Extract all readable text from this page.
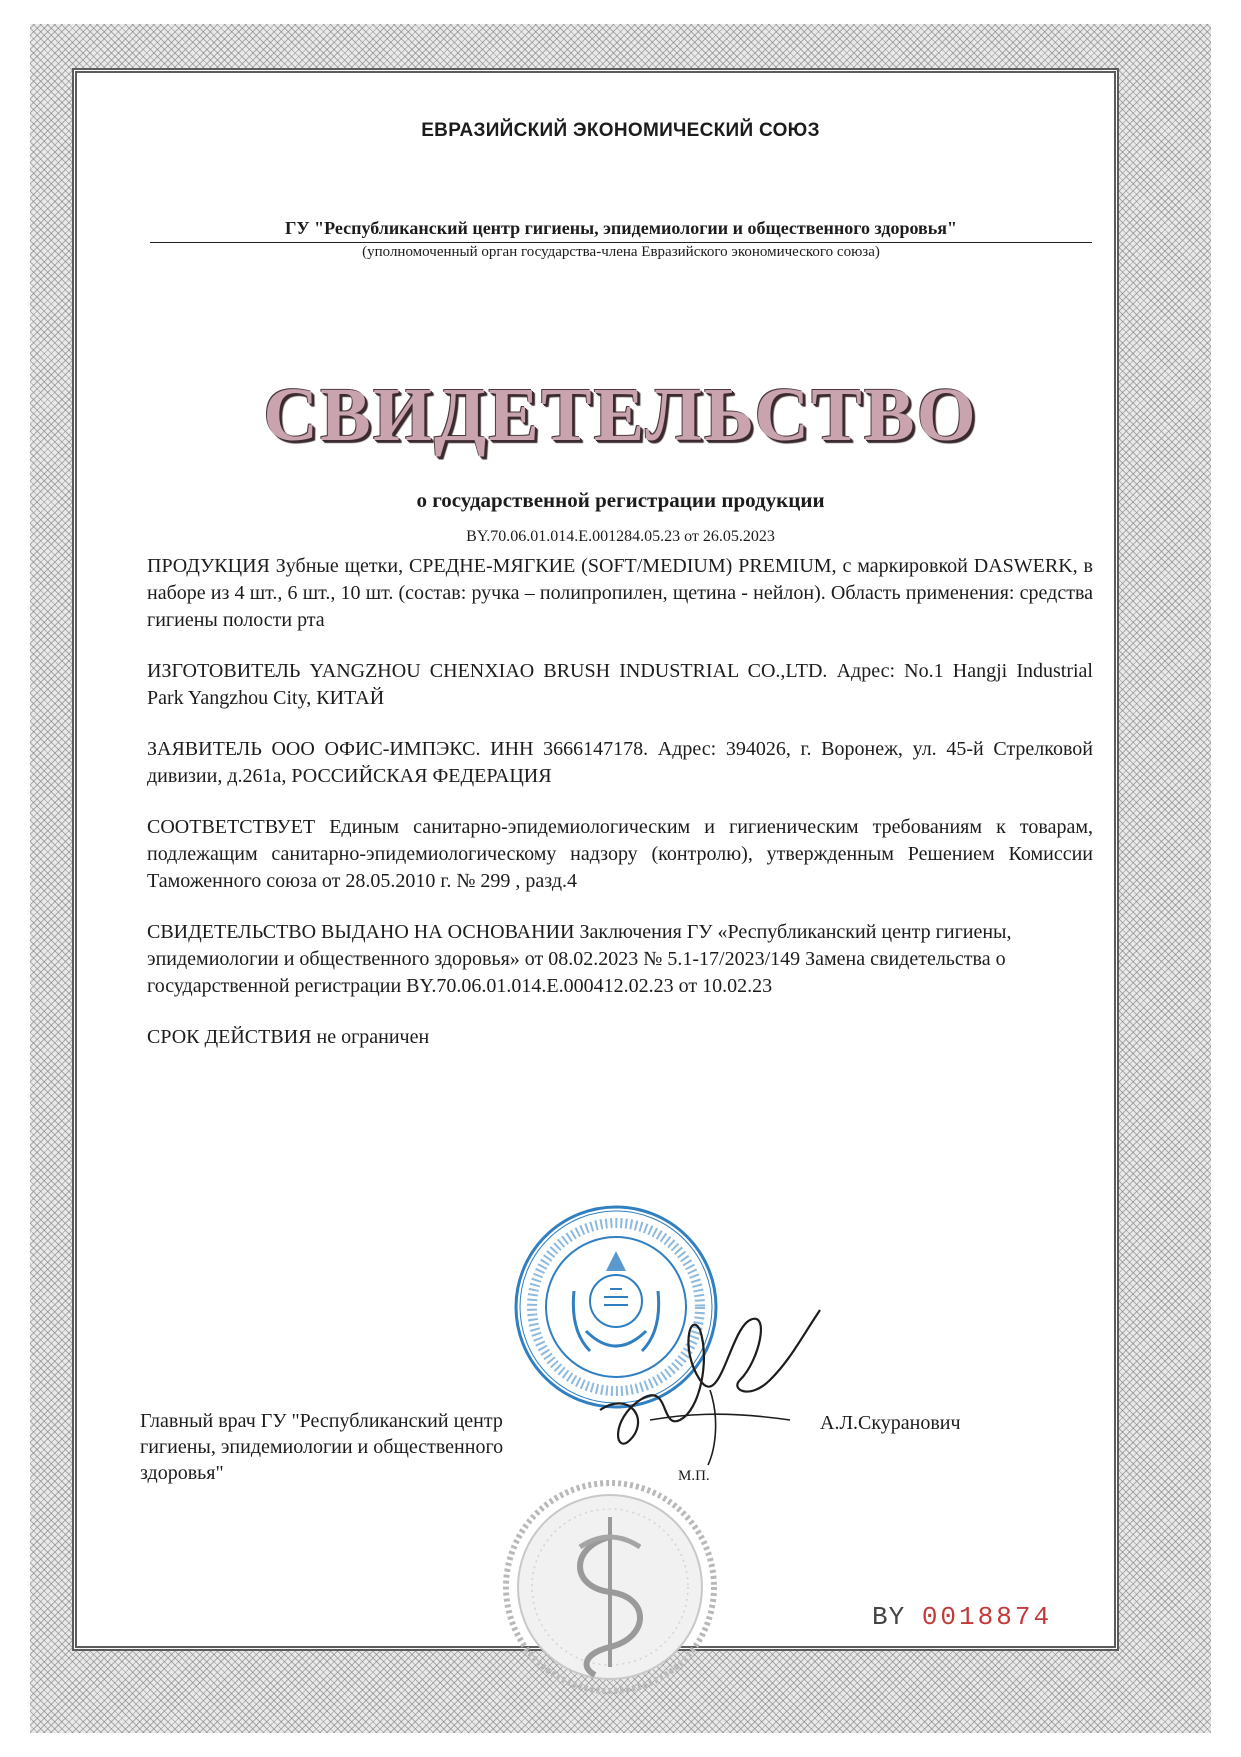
ЕВРАЗИЙСКИЙ ЭКОНОМИЧЕСКИЙ СОЮЗ
ГУ "Республиканский центр гигиены, эпидемиологии и общественного здоровья"
(уполномоченный орган государства-члена Евразийского экономического союза)
СВИДЕТЕЛЬСТВО
о государственной регистрации продукции
BY.70.06.01.014.E.001284.05.23 от 26.05.2023

ПРОДУКЦИЯ Зубные щетки, СРЕДНЕ-МЯГКИЕ (SOFT/MEDIUM) PREMIUM, с маркировкой DASWERK, в наборе из 4 шт., 6 шт., 10 шт. (состав: ручка – полипропилен, щетина - нейлон). Область применения: средства гигиены полости рта

ИЗГОТОВИТЕЛЬ YANGZHOU CHENXIAO BRUSH INDUSTRIAL CO.,LTD. Адрес: No.1 Hangji Industrial Park Yangzhou City, КИТАЙ

ЗАЯВИТЕЛЬ ООО ОФИС-ИМПЭКС. ИНН 3666147178. Адрес: 394026, г. Воронеж, ул. 45-й Стрелковой дивизии, д.261а, РОССИЙСКАЯ ФЕДЕРАЦИЯ

СООТВЕТСТВУЕТ Единым санитарно-эпидемиологическим и гигиеническим требованиям к товарам, подлежащим санитарно-эпидемиологическому надзору (контролю), утвержденным Решением Комиссии Таможенного союза от 28.05.2010 г. № 299 , разд.4

СВИДЕТЕЛЬСТВО ВЫДАНО НА ОСНОВАНИИ Заключения ГУ «Республиканский центр гигиены, эпидемиологии и общественного здоровья» от 08.02.2023 № 5.1-17/2023/149 Замена свидетельства о государственной регистрации BY.70.06.01.014.E.000412.02.23 от 10.02.23

СРОК ДЕЙСТВИЯ не ограничен

Главный врач ГУ "Республиканский центр гигиены, эпидемиологии и общественного здоровья"
А.Л.Скуранович
М.П.
BY 0018874
